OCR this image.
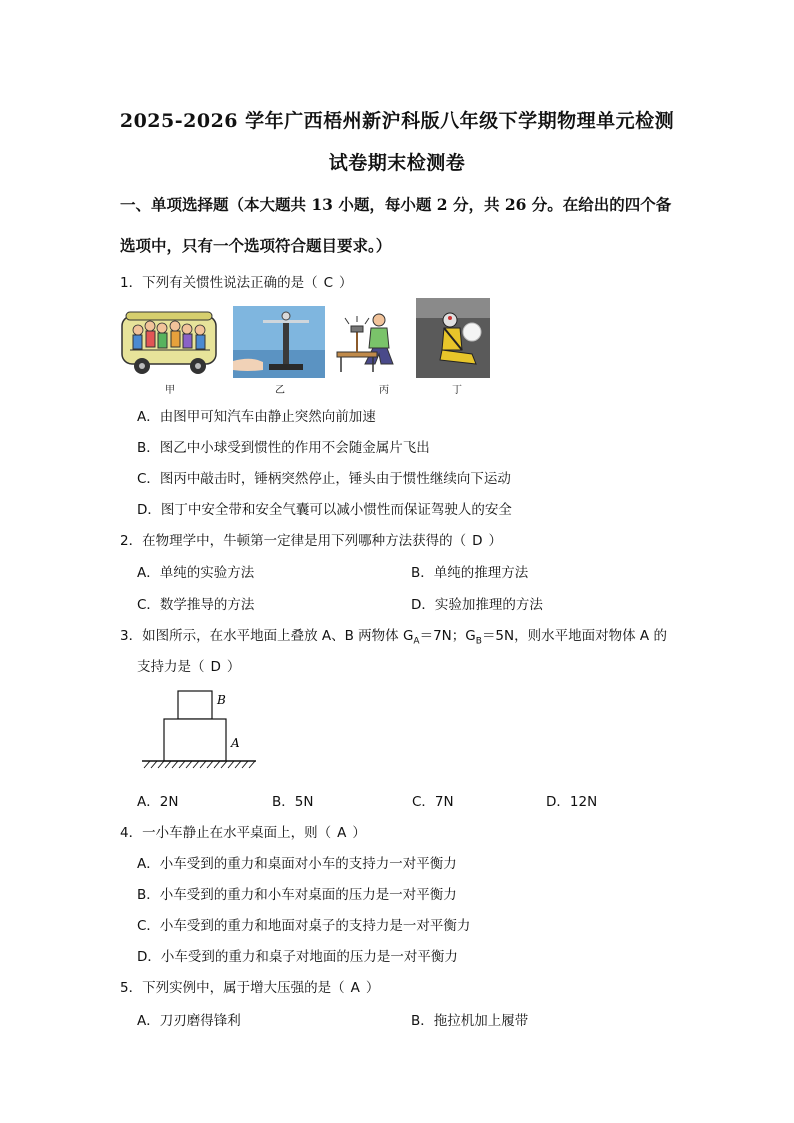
2025-2026 学年广西梧州新沪科版八年级下学期物理单元检测
试卷期末检测卷
一、单项选择题（本大题共 13 小题，每小题 2 分，共 26 分。在给出的四个备
选项中，只有一个选项符合题目要求。）
1．下列有关惯性说法正确的是（ C ）
甲	乙	丙	丁
A．由图甲可知汽车由静止突然向前加速
B．图乙中小球受到惯性的作用不会随金属片飞出
C．图丙中敲击时，锤柄突然停止，锤头由于惯性继续向下运动
D．图丁中安全带和安全气囊可以减小惯性而保证驾驶人的安全
2．在物理学中，牛顿第一定律是用下列哪种方法获得的（ D ）
A．单纯的实验方法	B．单纯的推理方法
C．数学推导的方法	D．实验加推理的方法
3．如图所示，在水平地面上叠放 A、B 两物体 $G_A=7N$；$G_B=5N$，则水平地面对物体 A 的
支持力是（ D ）
B
A
A．2N	B．5N	C．7N	D．12N
4．一小车静止在水平桌面上，则（ A ）
A．小车受到的重力和桌面对小车的支持力一对平衡力
B．小车受到的重力和小车对桌面的压力是一对平衡力
C．小车受到的重力和地面对桌子的支持力是一对平衡力
D．小车受到的重力和桌子对地面的压力是一对平衡力
5．下列实例中，属于增大压强的是（ A ）
A．刀刃磨得锋利	B．拖拉机加上履带
